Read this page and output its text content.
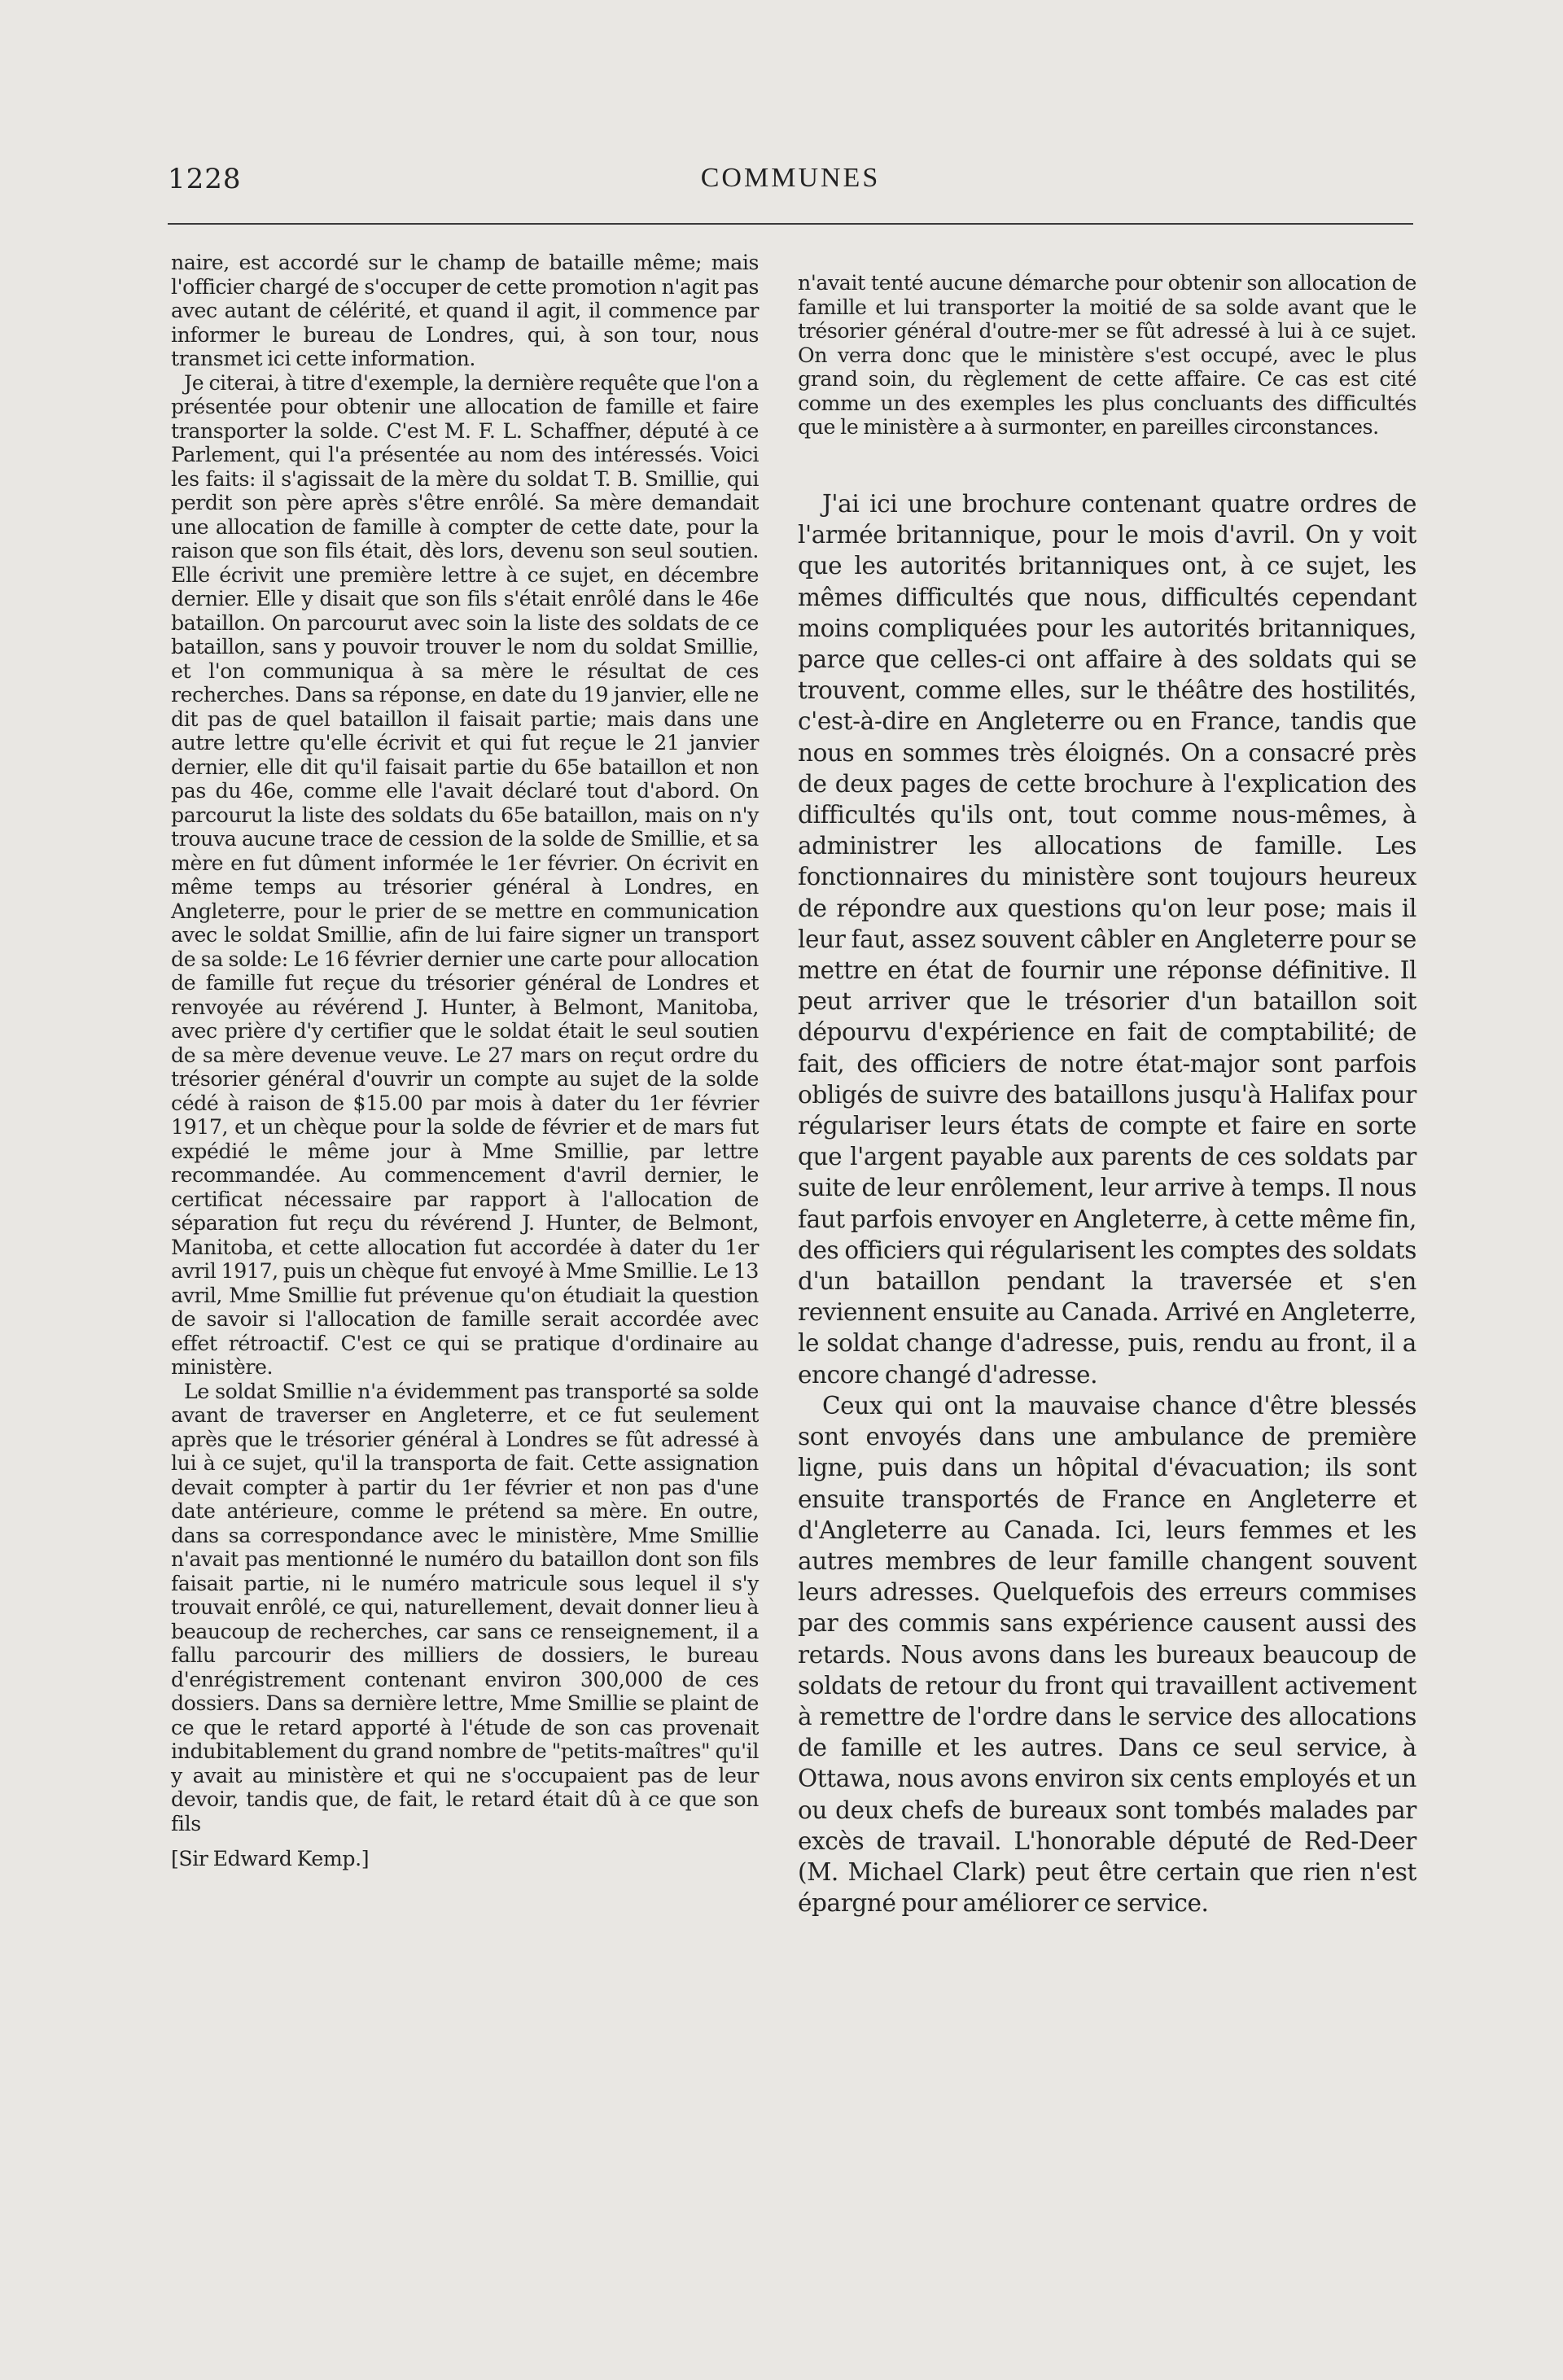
1228	COMMUNES

naire, est accordé sur le champ de bataille même; mais l'officier chargé de s'occuper de cette promotion n'agit pas avec autant de célérité, et quand il agit, il commence par informer le bureau de Londres, qui, à son tour, nous transmet ici cette information.

Je citerai, à titre d'exemple, la dernière requête que l'on a présentée pour obtenir une allocation de famille et faire transporter la solde. C'est M. F. L. Schaffner, député à ce Parlement, qui l'a présentée au nom des intéressés. Voici les faits: il s'agissait de la mère du soldat T. B. Smillie, qui perdit son père après s'être enrôlé. Sa mère demandait une allocation de famille à compter de cette date, pour la raison que son fils était, dès lors, devenu son seul soutien. Elle écrivit une première lettre à ce sujet, en décembre dernier. Elle y disait que son fils s'était enrôlé dans le 46e bataillon. On parcourut avec soin la liste des soldats de ce bataillon, sans y pouvoir trouver le nom du soldat Smillie, et l'on communiqua à sa mère le résultat de ces recherches. Dans sa réponse, en date du 19 janvier, elle ne dit pas de quel bataillon il faisait partie; mais dans une autre lettre qu'elle écrivit et qui fut reçue le 21 janvier dernier, elle dit qu'il faisait partie du 65e bataillon et non pas du 46e, comme elle l'avait déclaré tout d'abord. On parcourut la liste des soldats du 65e bataillon, mais on n'y trouva aucune trace de cession de la solde de Smillie, et sa mère en fut dûment informée le 1er février. On écrivit en même temps au trésorier général à Londres, en Angleterre, pour le prier de se mettre en communication avec le soldat Smillie, afin de lui faire signer un transport de sa solde: Le 16 février dernier une carte pour allocation de famille fut reçue du trésorier général de Londres et renvoyée au révérend J. Hunter, à Belmont, Manitoba, avec prière d'y certifier que le soldat était le seul soutien de sa mère devenue veuve. Le 27 mars on reçut ordre du trésorier général d'ouvrir un compte au sujet de la solde cédé à raison de $15.00 par mois à dater du 1er février 1917, et un chèque pour la solde de février et de mars fut expédié le même jour à Mme Smillie, par lettre recommandée. Au commencement d'avril dernier, le certificat nécessaire par rapport à l'allocation de séparation fut reçu du révérend J. Hunter, de Belmont, Manitoba, et cette allocation fut accordée à dater du 1er avril 1917, puis un chèque fut envoyé à Mme Smillie. Le 13 avril, Mme Smillie fut prévenue qu'on étudiait la question de savoir si l'allocation de famille serait accordée avec effet rétroactif. C'est ce qui se pratique d'ordinaire au ministère.

Le soldat Smillie n'a évidemment pas transporté sa solde avant de traverser en Angleterre, et ce fut seulement après que le trésorier général à Londres se fût adressé à lui à ce sujet, qu'il la transporta de fait. Cette assignation devait compter à partir du 1er février et non pas d'une date antérieure, comme le prétend sa mère. En outre, dans sa correspondance avec le ministère, Mme Smillie n'avait pas mentionné le numéro du bataillon dont son fils faisait partie, ni le numéro matricule sous lequel il s'y trouvait enrôlé, ce qui, naturellement, devait donner lieu à beaucoup de recherches, car sans ce renseignement, il a fallu parcourir des milliers de dossiers, le bureau d'enrégistrement contenant environ 300,000 de ces dossiers. Dans sa dernière lettre, Mme Smillie se plaint de ce que le retard apporté à l'étude de son cas provenait indubitablement du grand nombre de "petits-maîtres" qu'il y avait au ministère et qui ne s'occupaient pas de leur devoir, tandis que, de fait, le retard était dû à ce que son fils

[Sir Edward Kemp.]

n'avait tenté aucune démarche pour obtenir son allocation de famille et lui transporter la moitié de sa solde avant que le trésorier général d'outre-mer se fût adressé à lui à ce sujet. On verra donc que le ministère s'est occupé, avec le plus grand soin, du règlement de cette affaire. Ce cas est cité comme un des exemples les plus concluants des difficultés que le ministère a à surmonter, en pareilles circonstances.

J'ai ici une brochure contenant quatre ordres de l'armée britannique, pour le mois d'avril. On y voit que les autorités britanniques ont, à ce sujet, les mêmes difficultés que nous, difficultés cependant moins compliquées pour les autorités britanniques, parce que celles-ci ont affaire à des soldats qui se trouvent, comme elles, sur le théâtre des hostilités, c'est-à-dire en Angleterre ou en France, tandis que nous en sommes très éloignés. On a consacré près de deux pages de cette brochure à l'explication des difficultés qu'ils ont, tout comme nous-mêmes, à administrer les allocations de famille. Les fonctionnaires du ministère sont toujours heureux de répondre aux questions qu'on leur pose; mais il leur faut, assez souvent câbler en Angleterre pour se mettre en état de fournir une réponse définitive. Il peut arriver que le trésorier d'un bataillon soit dépourvu d'expérience en fait de comptabilité; de fait, des officiers de notre état-major sont parfois obligés de suivre des bataillons jusqu'à Halifax pour régulariser leurs états de compte et faire en sorte que l'argent payable aux parents de ces soldats par suite de leur enrôlement, leur arrive à temps. Il nous faut parfois envoyer en Angleterre, à cette même fin, des officiers qui régularisent les comptes des soldats d'un bataillon pendant la traversée et s'en reviennent ensuite au Canada. Arrivé en Angleterre, le soldat change d'adresse, puis, rendu au front, il a encore changé d'adresse.

Ceux qui ont la mauvaise chance d'être blessés sont envoyés dans une ambulance de première ligne, puis dans un hôpital d'évacuation; ils sont ensuite transportés de France en Angleterre et d'Angleterre au Canada. Ici, leurs femmes et les autres membres de leur famille changent souvent leurs adresses. Quelquefois des erreurs commises par des commis sans expérience causent aussi des retards. Nous avons dans les bureaux beaucoup de soldats de retour du front qui travaillent activement à remettre de l'ordre dans le service des allocations de famille et les autres. Dans ce seul service, à Ottawa, nous avons environ six cents employés et un ou deux chefs de bureaux sont tombés malades par excès de travail. L'honorable député de Red-Deer (M. Michael Clark) peut être certain que rien n'est épargné pour améliorer ce service.
